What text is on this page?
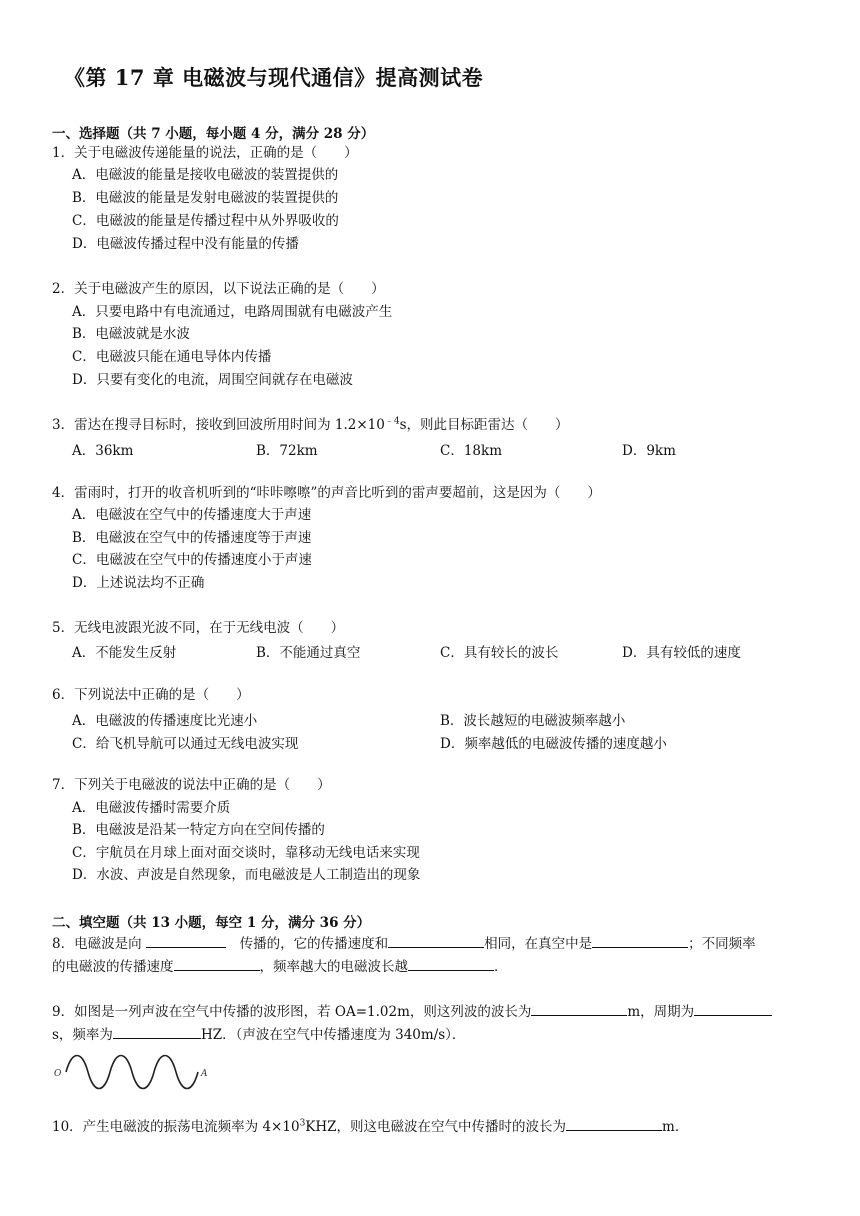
《第 17 章 电磁波与现代通信》提高测试卷
一、选择题（共 7 小题，每小题 4 分，满分 28 分）
1．关于电磁波传递能量的说法，正确的是（　　）
A．电磁波的能量是接收电磁波的装置提供的
B．电磁波的能量是发射电磁波的装置提供的
C．电磁波的能量是传播过程中从外界吸收的
D．电磁波传播过程中没有能量的传播
2．关于电磁波产生的原因，以下说法正确的是（　　）
A．只要电路中有电流通过，电路周围就有电磁波产生
B．电磁波就是水波
C．电磁波只能在通电导体内传播
D．只要有变化的电流，周围空间就存在电磁波
3．雷达在搜寻目标时，接收到回波所用时间为 $1.2\times 10^{﹣4}s$，则此目标距雷达（　　）
A．36km	B．72km	C．18km	D．9km
4．雷雨时，打开的收音机听到的“咔咔嚓嚓”的声音比听到的雷声要超前，这是因为（　　）
A．电磁波在空气中的传播速度大于声速
B．电磁波在空气中的传播速度等于声速
C．电磁波在空气中的传播速度小于声速
D．上述说法均不正确
5．无线电波跟光波不同，在于无线电波（　　）
A．不能发生反射	B．不能通过真空	C．具有较长的波长	D．具有较低的速度
6．下列说法中正确的是（　　）
A．电磁波的传播速度比光速小	B．波长越短的电磁波频率越小
C．给飞机导航可以通过无线电波实现	D．频率越低的电磁波传播的速度越小
7．下列关于电磁波的说法中正确的是（　　）
A．电磁波传播时需要介质
B．电磁波是沿某一特定方向在空间传播的
C．宇航员在月球上面对面交谈时，靠移动无线电话来实现
D．水波、声波是自然现象，而电磁波是人工制造出的现象
二、填空题（共 13 小题，每空 1 分，满分 36 分）
8．电磁波是向	传播的，它的传播速度和	相同，在真空中是	；不同频率
的电磁波的传播速度	，频率越大的电磁波长越	．
9．如图是一列声波在空气中传播的波形图，若 OA=1.02m，则这列波的波长为	m，周期为
s，频率为	HZ．（声波在空气中传播速度为 340m/s）．
O	A
10．产生电磁波的振荡电流频率为 $4\times 10^3KHZ$，则这电磁波在空气中传播时的波长为	m．
